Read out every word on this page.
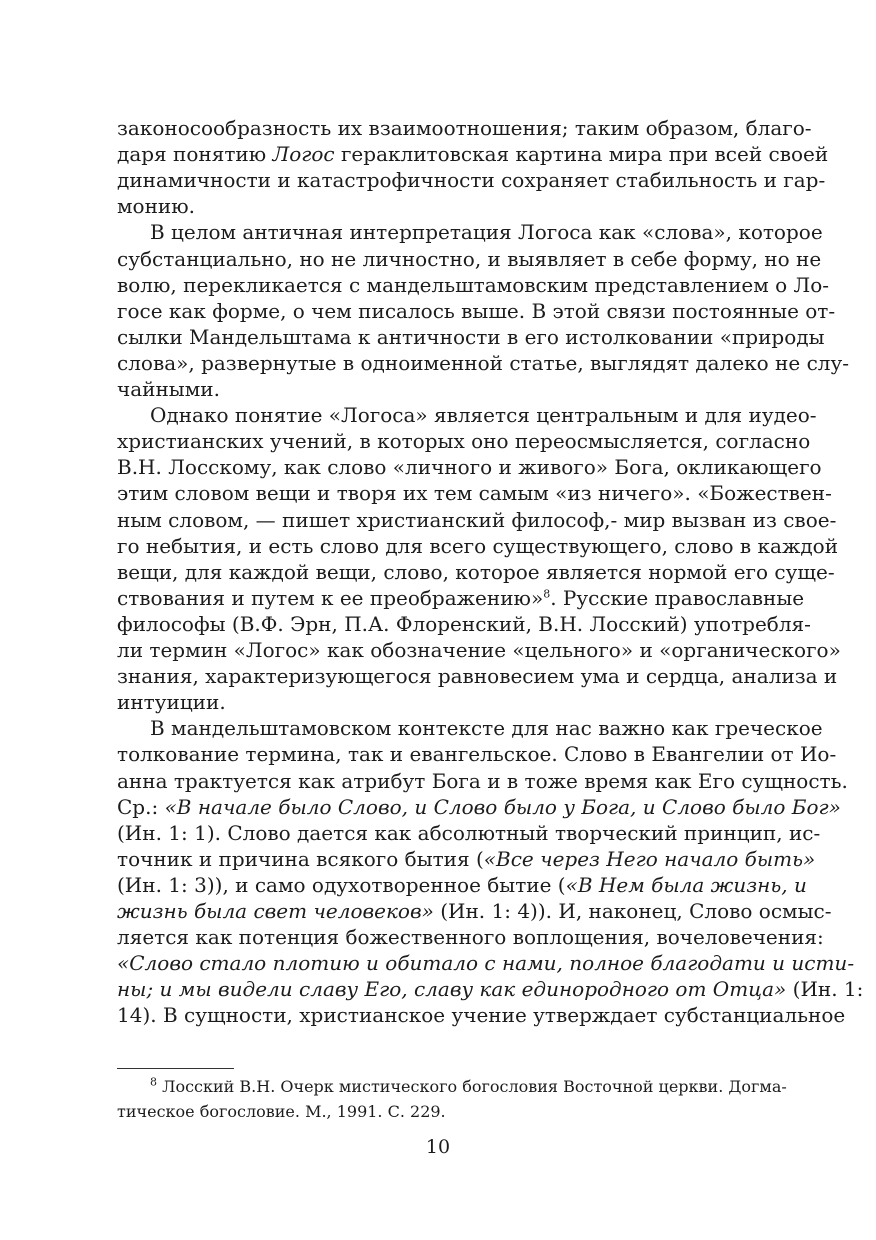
законосообразность их взаимоотношения; таким образом, благо-
даря понятию Логос гераклитовская картина мира при всей своей
динамичности и катастрофичности сохраняет стабильность и гар-
монию.
В целом античная интерпретация Логоса как «слова», которое
субстанциально, но не личностно, и выявляет в себе форму, но не
волю, перекликается с мандельштамовским представлением о Ло-
госе как форме, о чем писалось выше. В этой связи постоянные от-
сылки Мандельштама к античности в его истолковании «природы
слова», развернутые в одноименной статье, выглядят далеко не слу-
чайными.
Однако понятие «Логоса» является центральным и для иудео-
христианских учений, в которых оно переосмысляется, согласно
В.Н. Лосскому, как слово «личного и живого» Бога, окликающего
этим словом вещи и творя их тем самым «из ничего». «Божествен-
ным словом, — пишет христианский философ,- мир вызван из свое-
го небытия, и есть слово для всего существующего, слово в каждой
вещи, для каждой вещи, слово, которое является нормой его суще-
ствования и путем к ее преображению»$^8$. Русские православные
философы (В.Ф. Эрн, П.А. Флоренский, В.Н. Лосский) употребля-
ли термин «Логос» как обозначение «цельного» и «органического»
знания, характеризующегося равновесием ума и сердца, анализа и
интуиции.
В мандельштамовском контексте для нас важно как греческое
толкование термина, так и евангельское. Слово в Евангелии от Ио-
анна трактуется как атрибут Бога и в тоже время как Его сущность.
Ср.: «В начале было Слово, и Слово было у Бога, и Слово было Бог»
(Ин. 1: 1). Слово дается как абсолютный творческий принцип, ис-
точник и причина всякого бытия («Все через Него начало быть»
(Ин. 1: 3)), и само одухотворенное бытие («В Нем была жизнь, и
жизнь была свет человеков» (Ин. 1: 4)). И, наконец, Слово осмыс-
ляется как потенция божественного воплощения, вочеловечения:
«Слово стало плотию и обитало с нами, полное благодати и исти-
ны; и мы видели славу Его, славу как единородного от Отца» (Ин. 1:
14). В сущности, христианское учение утверждает субстанциальное
$^8$ Лосский В.Н. Очерк мистического богословия Восточной церкви. Догма-
тическое богословие. М., 1991. С. 229.
10
